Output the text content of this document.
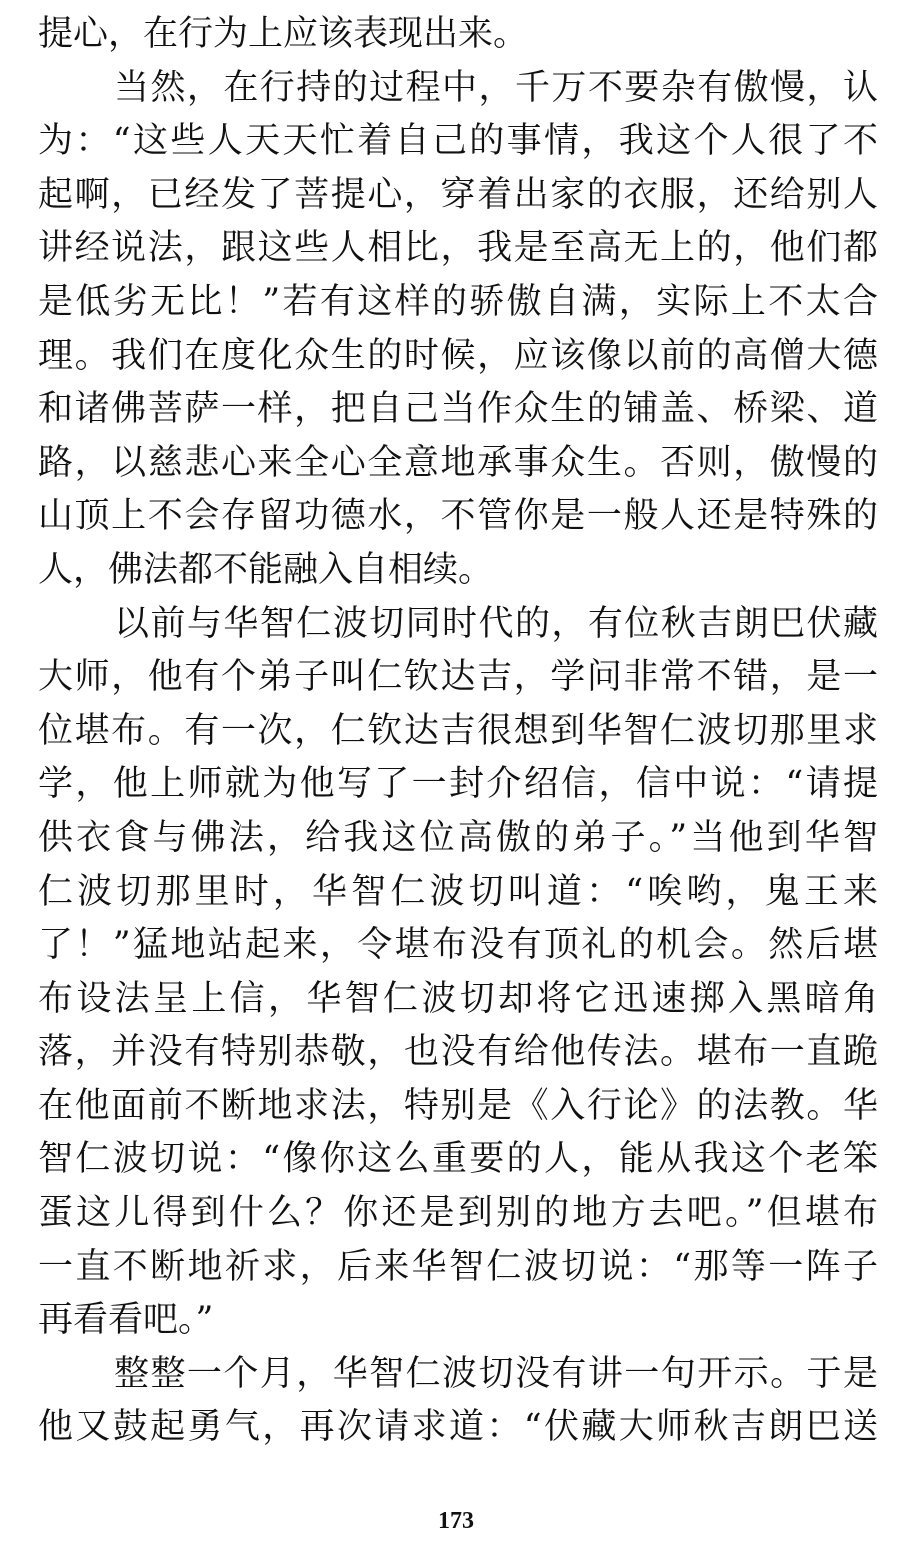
提心，在行为上应该表现出来。
当然，在行持的过程中，千万不要杂有傲慢，认
为：“这些人天天忙着自己的事情，我这个人很了不
起啊，已经发了菩提心，穿着出家的衣服，还给别人
讲经说法，跟这些人相比，我是至高无上的，他们都
是低劣无比！”若有这样的骄傲自满，实际上不太合
理。我们在度化众生的时候，应该像以前的高僧大德
和诸佛菩萨一样，把自己当作众生的铺盖、桥梁、道
路，以慈悲心来全心全意地承事众生。否则，傲慢的
山顶上不会存留功德水，不管你是一般人还是特殊的
人，佛法都不能融入自相续。
以前与华智仁波切同时代的，有位秋吉朗巴伏藏
大师，他有个弟子叫仁钦达吉，学问非常不错，是一
位堪布。有一次，仁钦达吉很想到华智仁波切那里求
学，他上师就为他写了一封介绍信，信中说：“请提
供衣食与佛法，给我这位高傲的弟子。”当他到华智
仁波切那里时，华智仁波切叫道：“唉哟，鬼王来
了！”猛地站起来，令堪布没有顶礼的机会。然后堪
布设法呈上信，华智仁波切却将它迅速掷入黑暗角
落，并没有特别恭敬，也没有给他传法。堪布一直跪
在他面前不断地求法，特别是《入行论》的法教。华
智仁波切说：“像你这么重要的人，能从我这个老笨
蛋这儿得到什么？你还是到别的地方去吧。”但堪布
一直不断地祈求，后来华智仁波切说：“那等一阵子
再看看吧。”
整整一个月，华智仁波切没有讲一句开示。于是
他又鼓起勇气，再次请求道：“伏藏大师秋吉朗巴送
173
